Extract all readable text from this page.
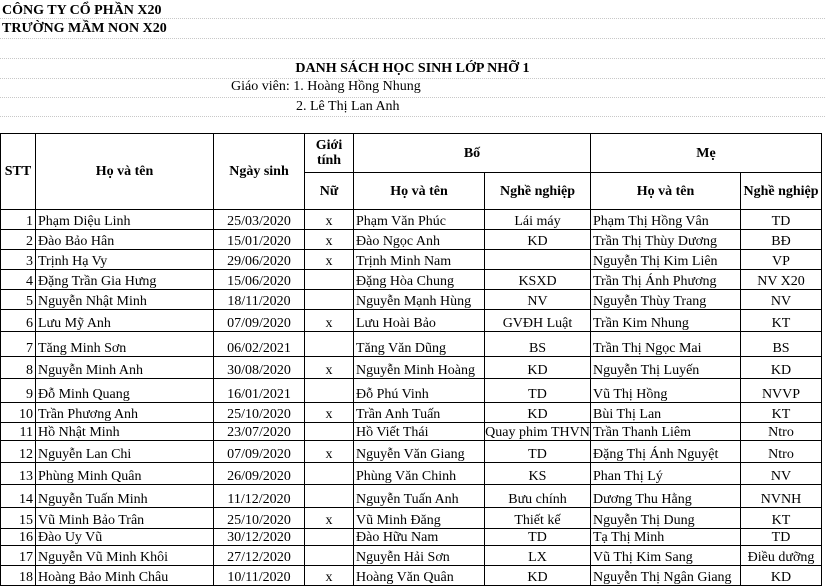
CÔNG TY CỔ PHẦN X20
TRƯỜNG MẦM NON X20
DANH SÁCH HỌC SINH LỚP NHỠ 1
Giáo viên: 1. Hoàng Hồng Nhung
2. Lê Thị Lan Anh
STT	Họ và tên	Ngày sinh	Giới tính	Bố		Mẹ	
			Nữ	Họ và tên	Nghề nghiệp	Họ và tên	Nghề nghiệp
1	Phạm Diệu Linh	25/03/2020	x	Phạm Văn Phúc	Lái máy	Phạm Thị Hồng Vân	TD
2	Đào Bảo Hân	15/01/2020	x	Đào Ngọc Anh	KD	Trần Thị Thùy Dương	BĐ
3	Trịnh Hạ Vy	29/06/2020	x	Trịnh Minh Nam		Nguyễn Thị Kim Liên	VP
4	Đặng Trần Gia Hưng	15/06/2020		Đặng Hòa Chung	KSXD	Trần Thị Ánh Phương	NV X20
5	Nguyễn Nhật Minh	18/11/2020		Nguyễn Mạnh Hùng	NV	Nguyễn Thùy Trang	NV
6	Lưu Mỹ Anh	07/09/2020	x	Lưu Hoài Bảo	GVĐH Luật	Trần Kim Nhung	KT
7	Tăng Minh Sơn	06/02/2021		Tăng Văn Dũng	BS	Trần Thị Ngọc Mai	BS
8	Nguyễn Minh Anh	30/08/2020	x	Nguyễn Minh Hoàng	KD	Nguyễn Thị Luyến	KD
9	Đỗ Minh Quang	16/01/2021		Đỗ Phú Vinh	TD	Vũ Thị Hồng	NVVP
10	Trần Phương Anh	25/10/2020	x	Trần Anh Tuấn	KD	Bùi Thị Lan	KT
11	Hồ Nhật Minh	23/07/2020		Hồ Viết Thái	Quay phim THVN	Trần Thanh Liêm	Ntro
12	Nguyễn Lan Chi	07/09/2020	x	Nguyễn Văn Giang	TD	Đặng Thị Ánh Nguyệt	Ntro
13	Phùng Minh Quân	26/09/2020		Phùng Văn Chinh	KS	Phan Thị Lý	NV
14	Nguyễn Tuấn Minh	11/12/2020		Nguyễn Tuấn Anh	Bưu chính	Dương Thu Hằng	NVNH
15	Vũ Minh Bảo Trân	25/10/2020	x	Vũ Minh Đăng	Thiết kế	Nguyễn Thị Dung	KT
16	Đào Uy Vũ	30/12/2020		Đào Hữu Nam	TD	Tạ Thị Minh	TD
17	Nguyễn Vũ Minh Khôi	27/12/2020		Nguyễn Hải Sơn	LX	Vũ Thị Kim Sang	Điều dưỡng
18	Hoàng Bảo Minh Châu	10/11/2020	x	Hoàng Văn Quân	KD	Nguyễn Thị Ngân Giang	KD
